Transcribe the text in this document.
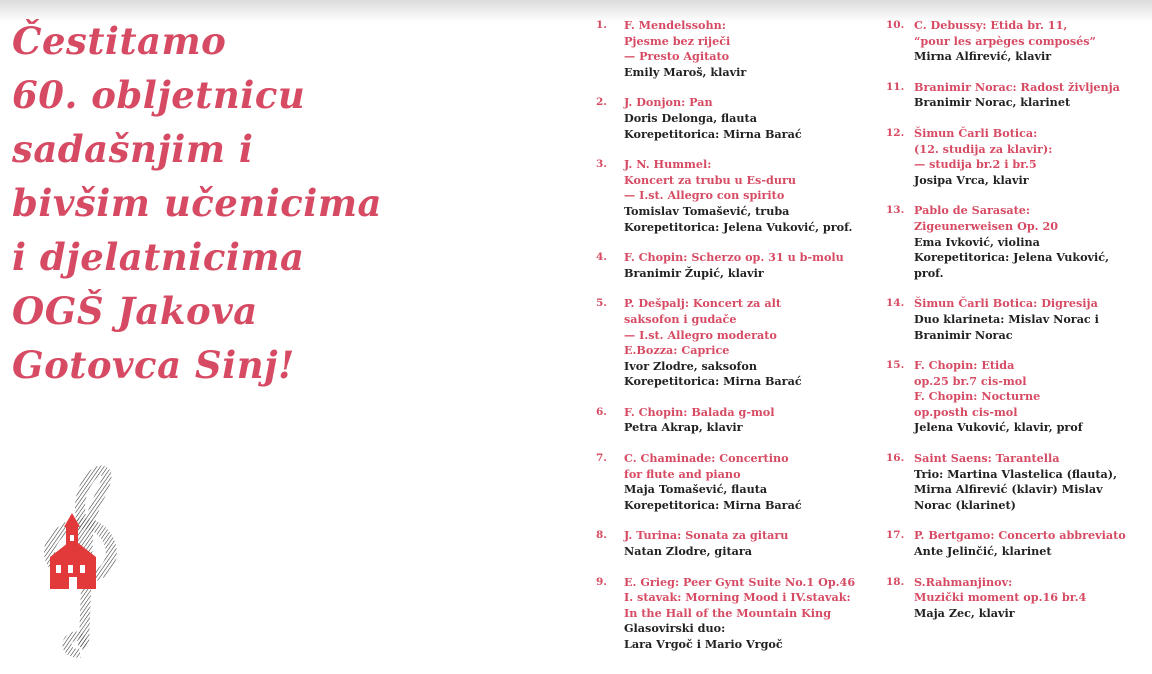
Čestitamo
60. obljetnicu
sadašnjim i
bivšim učenicima
i djelatnicima
OGŠ Jakova
Gotovca Sinj!
1. F. Mendelssohn:
Pjesme bez riječi
— Presto Agitato
Emily Maroš, klavir
2. J. Donjon: Pan
Doris Delonga, flauta
Korepetitorica: Mirna Barać
3. J. N. Hummel:
Koncert za trubu u Es-duru
— I.st. Allegro con spirito
Tomislav Tomašević, truba
Korepetitorica: Jelena Vuković, prof.
4. F. Chopin: Scherzo op. 31 u b-molu
Branimir Župić, klavir
5. P. Dešpalj: Koncert za alt
saksofon i gudače
— I.st. Allegro moderato
E.Bozza: Caprice
Ivor Zlodre, saksofon
Korepetitorica: Mirna Barać
6. F. Chopin: Balada g-mol
Petra Akrap, klavir
7. C. Chaminade: Concertino
for flute and piano
Maja Tomašević, flauta
Korepetitorica: Mirna Barać
8. J. Turina: Sonata za gitaru
Natan Zlodre, gitara
9. E. Grieg: Peer Gynt Suite No.1 Op.46
I. stavak: Morning Mood i IV.stavak:
In the Hall of the Mountain King
Glasovirski duo:
Lara Vrgoč i Mario Vrgoč
10. C. Debussy: Etida br. 11,
“pour les arpèges composés”
Mirna Alfirević, klavir
11. Branimir Norac: Radost življenja
Branimir Norac, klarinet
12. Šimun Čarli Botica:
(12. studija za klavir):
— studija br.2 i br.5
Josipa Vrca, klavir
13. Pablo de Sarasate:
Zigeunerweisen Op. 20
Ema Ivković, violina
Korepetitorica: Jelena Vuković,
prof.
14. Šimun Čarli Botica: Digresija
Duo klarineta: Mislav Norac i
Branimir Norac
15. F. Chopin: Etida
op.25 br.7 cis-mol
F. Chopin: Nocturne
op.posth cis-mol
Jelena Vuković, klavir, prof
16. Saint Saens: Tarantella
Trio: Martina Vlastelica (flauta),
Mirna Alfirević (klavir) Mislav
Norac (klarinet)
17. P. Bertgamo: Concerto abbreviato
Ante Jelinčić, klarinet
18. S.Rahmanjinov:
Muzički moment op.16 br.4
Maja Zec, klavir
